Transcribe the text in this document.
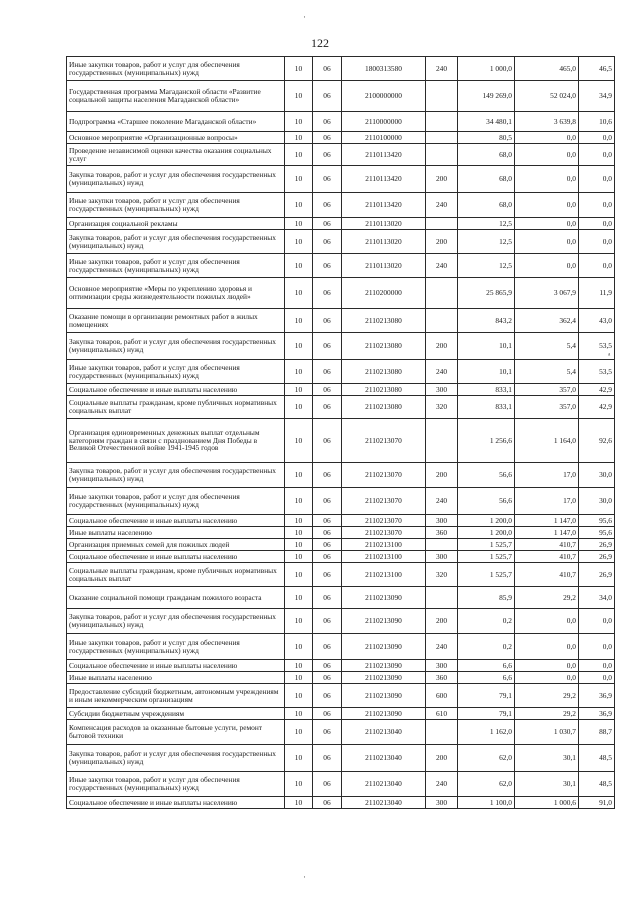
122
Иные закупки товаров, работ и услуг для обеспечения государственных (муниципальных) нужд	10	06	1800313580	240	1 000,0	465,0	46,5
Государственная программа Магаданской области «Развитие социальной защиты населения Магаданской области»	10	06	2100000000		149 269,0	52 024,0	34,9
Подпрограмма «Старшее поколение Магаданской области»	10	06	2110000000		34 480,1	3 639,8	10,6
Основное мероприятие «Организационные вопросы»	10	06	2110100000		80,5	0,0	0,0
Проведение независимой оценки качества оказания социальных услуг	10	06	2110113420		68,0	0,0	0,0
Закупка товаров, работ и услуг для обеспечения государственных (муниципальных) нужд	10	06	2110113420	200	68,0	0,0	0,0
Иные закупки товаров, работ и услуг для обеспечения государственных (муниципальных) нужд	10	06	2110113420	240	68,0	0,0	0,0
Организация социальной рекламы	10	06	2110113020		12,5	0,0	0,0
Закупка товаров, работ и услуг для обеспечения государственных (муниципальных) нужд	10	06	2110113020	200	12,5	0,0	0,0
Иные закупки товаров, работ и услуг для обеспечения государственных (муниципальных) нужд	10	06	2110113020	240	12,5	0,0	0,0
Основное мероприятие «Меры по укреплению здоровья и оптимизации среды жизнедеятельности пожилых людей»	10	06	2110200000		25 865,9	3 067,9	11,9
Оказание помощи в организации ремонтных работ в жилых помещениях	10	06	2110213080		843,2	362,4	43,0
Закупка товаров, работ и услуг для обеспечения государственных (муниципальных) нужд	10	06	2110213080	200	10,1	5,4	53,5
Иные закупки товаров, работ и услуг для обеспечения государственных (муниципальных) нужд	10	06	2110213080	240	10,1	5,4	53,5
Социальное обеспечение и иные выплаты населению	10	06	2110213080	300	833,1	357,0	42,9
Социальные выплаты гражданам, кроме публичных нормативных социальных выплат	10	06	2110213080	320	833,1	357,0	42,9
Организация единовременных денежных выплат отдельным категориям граждан в связи с празднованием Дня Победы в Великой Отечественной войне 1941-1945 годов	10	06	2110213070		1 256,6	1 164,0	92,6
Закупка товаров, работ и услуг для обеспечения государственных (муниципальных) нужд	10	06	2110213070	200	56,6	17,0	30,0
Иные закупки товаров, работ и услуг для обеспечения государственных (муниципальных) нужд	10	06	2110213070	240	56,6	17,0	30,0
Социальное обеспечение и иные выплаты населению	10	06	2110213070	300	1 200,0	1 147,0	95,6
Иные выплаты населению	10	06	2110213070	360	1 200,0	1 147,0	95,6
Организация приемных семей для пожилых людей	10	06	2110213100		1 525,7	410,7	26,9
Социальное обеспечение и иные выплаты населению	10	06	2110213100	300	1 525,7	410,7	26,9
Социальные выплаты гражданам, кроме публичных нормативных социальных выплат	10	06	2110213100	320	1 525,7	410,7	26,9
Оказание социальной помощи гражданам пожилого возраста	10	06	2110213090		85,9	29,2	34,0
Закупка товаров, работ и услуг для обеспечения государственных (муниципальных) нужд	10	06	2110213090	200	0,2	0,0	0,0
Иные закупки товаров, работ и услуг для обеспечения государственных (муниципальных) нужд	10	06	2110213090	240	0,2	0,0	0,0
Социальное обеспечение и иные выплаты населению	10	06	2110213090	300	6,6	0,0	0,0
Иные выплаты населению	10	06	2110213090	360	6,6	0,0	0,0
Предоставление субсидий бюджетным, автономным учреждениям и иным некоммерческим организациям	10	06	2110213090	600	79,1	29,2	36,9
Субсидии бюджетным учреждениям	10	06	2110213090	610	79,1	29,2	36,9
Компенсация расходов за оказанные бытовые услуги, ремонт бытовой техники	10	06	2110213040		1 162,0	1 030,7	88,7
Закупка товаров, работ и услуг для обеспечения государственных (муниципальных) нужд	10	06	2110213040	200	62,0	30,1	48,5
Иные закупки товаров, работ и услуг для обеспечения государственных (муниципальных) нужд	10	06	2110213040	240	62,0	30,1	48,5
Социальное обеспечение и иные выплаты населению	10	06	2110213040	300	1 100,0	1 000,6	91,0
·
ᵃ
·
